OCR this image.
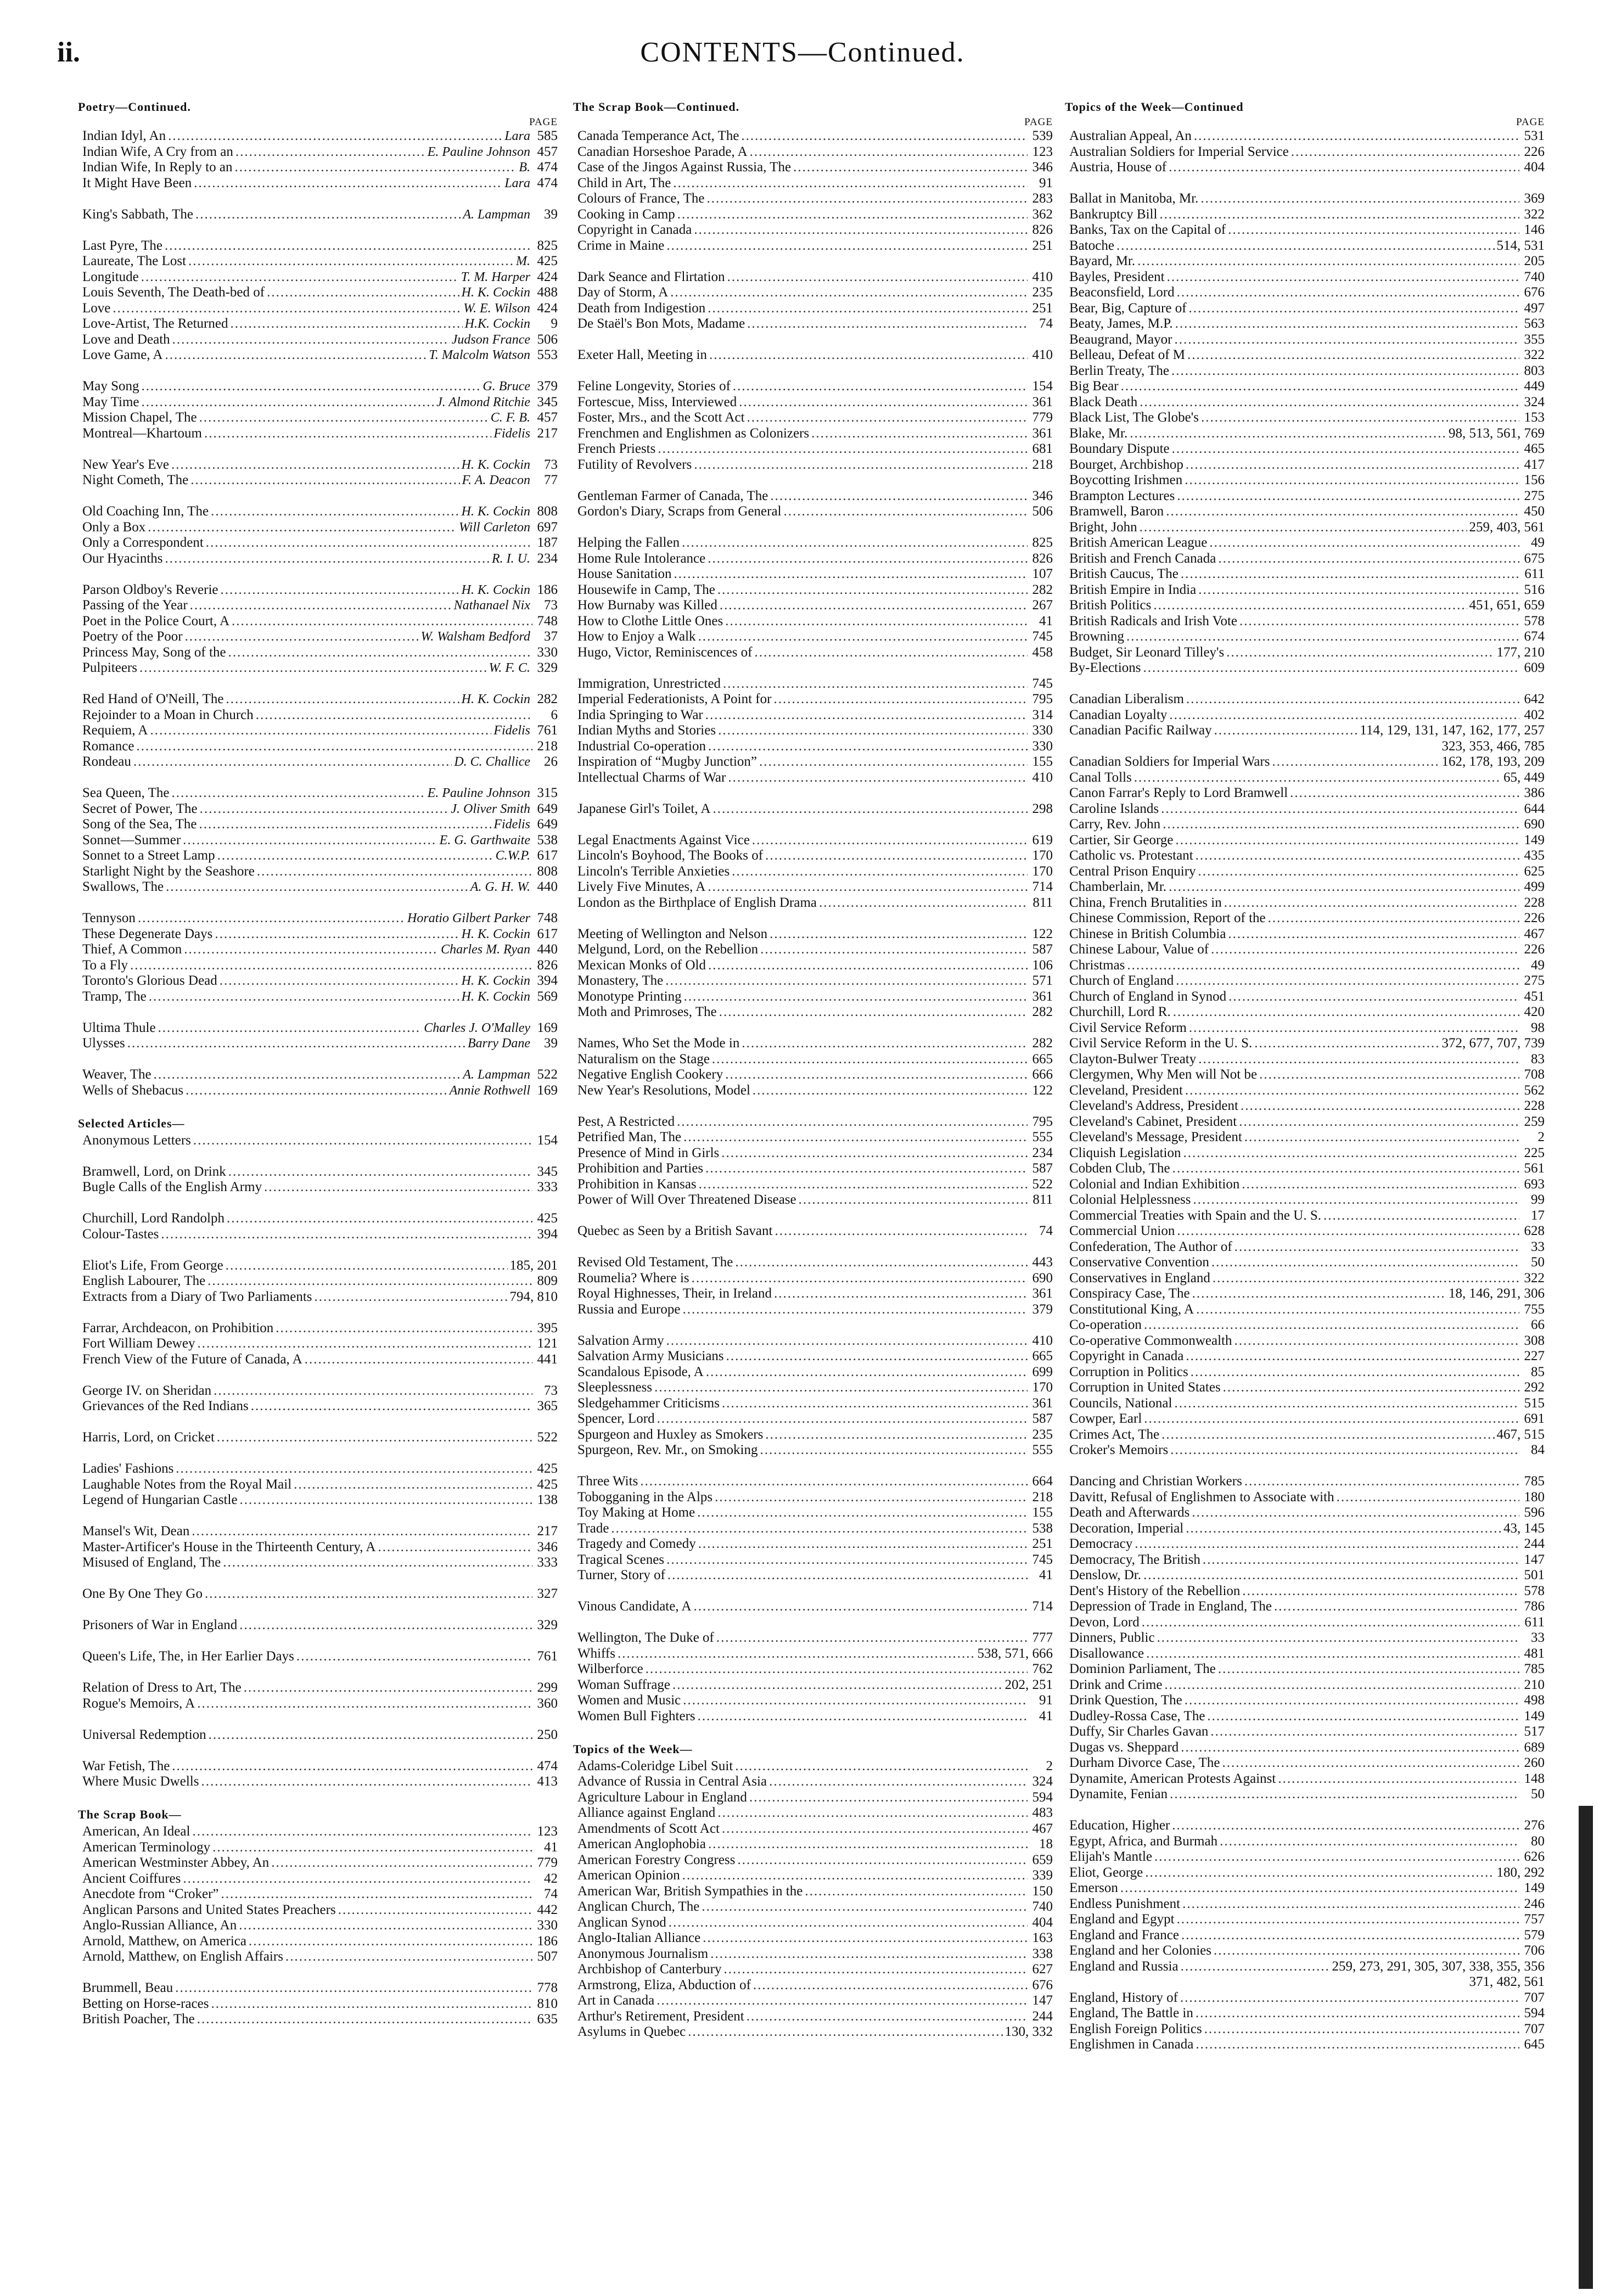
ii.	CONTENTS—Continued.
Poetry—Continued.
PAGE
Indian Idyl, An .....	Lara 585
Indian Wife, A Cry from an .....	E. Pauline Johnson 457
Indian Wife, In Reply to an .....	B. 474
It Might Have Been .....	Lara 474
King's Sabbath, The .....	A. Lampman	39
Last Pyre, The .....	825
Laureate, The Lost .....	M. 425
Longitude .....	T. M. Harper 424
Louis Seventh, The Death-bed of .....	H. K. Cockin 488
Love .....	W. E. Wilson 424
Love-Artist, The Returned .....	H.K. Cockin	9
Love and Death .....	Judson France 506
Love Game, A .....	T. Malcolm Watson 553
May Song .....	G. Bruce 379
May Time .....	J. Almond Ritchie 345
Mission Chapel, The .....	C. F. B. 457
Montreal—Khartoum .....	Fidelis 217
New Year's Eve .....	H. K. Cockin	73
Night Cometh, The .....	F. A. Deacon	77
Old Coaching Inn, The .....	H. K. Cockin 808
Only a Box .....	Will Carleton 697
Only a Correspondent .....	187
Our Hyacinths .....	R. I. U. 234
Parson Oldboy's Reverie .....	H. K. Cockin 186
Passing of the Year .....	Nathanael Nix	73
Poet in the Police Court, A .....	748
Poetry of the Poor .....	W. Walsham Bedford	37
Princess May, Song of the .....	330
Pulpiteers .....	W. F. C. 329
Red Hand of O'Neill, The .....	H. K. Cockin 282
Rejoinder to a Moan in Church .....	6
Requiem, A .....	Fidelis 761
Romance .....	218
Rondeau .....	D. C. Challice	26
Sea Queen, The .....	E. Pauline Johnson 315
Secret of Power, The .....	J. Oliver Smith 649
Song of the Sea, The .....	Fidelis 649
Sonnet—Summer .....	E. G. Garthwaite 538
Sonnet to a Street Lamp .....	C.W.P. 617
Starlight Night by the Seashore .....	808
Swallows, The .....	A. G. H. W. 440
Tennyson .....	Horatio Gilbert Parker 748
These Degenerate Days .....	H. K. Cockin 617
Thief, A Common .....	Charles M. Ryan 440
To a Fly .....	826
Toronto's Glorious Dead .....	H. K. Cockin 394
Tramp, The .....	H. K. Cockin 569
Ultima Thule .....	Charles J. O'Malley 169
Ulysses .....	Barry Dane	39
Weaver, The .....	A. Lampman 522
Wells of Shebacus .....	Annie Rothwell 169
Selected Articles—
Anonymous Letters .....	154
Bramwell, Lord, on Drink .....	345
Bugle Calls of the English Army .....	333
Churchill, Lord Randolph .....	425
Colour-Tastes .....	394
Eliot's Life, From George .....	185, 201
English Labourer, The .....	809
Extracts from a Diary of Two Parliaments .....	794, 810
Farrar, Archdeacon, on Prohibition .....	395
Fort William Dewey .....	121
French View of the Future of Canada, A .....	441
George IV. on Sheridan .....	73
Grievances of the Red Indians .....	365
Harris, Lord, on Cricket .....	522
Ladies' Fashions .....	425
Laughable Notes from the Royal Mail .....	425
Legend of Hungarian Castle .....	138
Mansel's Wit, Dean .....	217
Master-Artificer's House in the Thirteenth Century, A .....	346
Misused of England, The .....	333
One By One They Go .....	327
Prisoners of War in England .....	329
Queen's Life, The, in Her Earlier Days .....	761
Relation of Dress to Art, The .....	299
Rogue's Memoirs, A .....	360
Universal Redemption .....	250
War Fetish, The .....	474
Where Music Dwells .....	413
The Scrap Book—
American, An Ideal .....	123
American Terminology .....	41
American Westminster Abbey, An .....	779
Ancient Coiffures .....	42
Anecdote from “Croker” .....	74
Anglican Parsons and United States Preachers .....	442
Anglo-Russian Alliance, An .....	330
Arnold, Matthew, on America .....	186
Arnold, Matthew, on English Affairs .....	507
Brummell, Beau .....	778
Betting on Horse-races .....	810
British Poacher, The .....	635
The Scrap Book—Continued.
PAGE
Canada Temperance Act, The .....	539
Canadian Horseshoe Parade, A .....	123
Case of the Jingos Against Russia, The .....	346
Child in Art, The .....	91
Colours of France, The .....	283
Cooking in Camp .....	362
Copyright in Canada .....	826
Crime in Maine .....	251
Dark Seance and Flirtation .....	410
Day of Storm, A .....	235
Death from Indigestion .....	251
De Staël's Bon Mots, Madame .....	74
Exeter Hall, Meeting in .....	410
Feline Longevity, Stories of .....	154
Fortescue, Miss, Interviewed .....	361
Foster, Mrs., and the Scott Act .....	779
Frenchmen and Englishmen as Colonizers .....	361
French Priests .....	681
Futility of Revolvers .....	218
Gentleman Farmer of Canada, The .....	346
Gordon's Diary, Scraps from General .....	506
Helping the Fallen .....	825
Home Rule Intolerance .....	826
House Sanitation .....	107
Housewife in Camp, The .....	282
How Burnaby was Killed .....	267
How to Clothe Little Ones .....	41
How to Enjoy a Walk .....	745
Hugo, Victor, Reminiscences of .....	458
Immigration, Unrestricted .....	745
Imperial Federationists, A Point for .....	795
India Springing to War .....	314
Indian Myths and Stories .....	330
Industrial Co-operation .....	330
Inspiration of “Mugby Junction” .....	155
Intellectual Charms of War .....	410
Japanese Girl's Toilet, A .....	298
Legal Enactments Against Vice .....	619
Lincoln's Boyhood, The Books of .....	170
Lincoln's Terrible Anxieties .....	170
Lively Five Minutes, A .....	714
London as the Birthplace of English Drama .....	811
Meeting of Wellington and Nelson .....	122
Melgund, Lord, on the Rebellion .....	587
Mexican Monks of Old .....	106
Monastery, The .....	571
Monotype Printing .....	361
Moth and Primroses, The .....	282
Names, Who Set the Mode in .....	282
Naturalism on the Stage .....	665
Negative English Cookery .....	666
New Year's Resolutions, Model .....	122
Pest, A Restricted .....	795
Petrified Man, The .....	555
Presence of Mind in Girls .....	234
Prohibition and Parties .....	587
Prohibition in Kansas .....	522
Power of Will Over Threatened Disease .....	811
Quebec as Seen by a British Savant .....	74
Revised Old Testament, The .....	443
Roumelia? Where is .....	690
Royal Highnesses, Their, in Ireland .....	361
Russia and Europe .....	379
Salvation Army .....	410
Salvation Army Musicians .....	665
Scandalous Episode, A .....	699
Sleeplessness .....	170
Sledgehammer Criticisms .....	361
Spencer, Lord .....	587
Spurgeon and Huxley as Smokers .....	235
Spurgeon, Rev. Mr., on Smoking .....	555
Three Wits .....	664
Tobogganing in the Alps .....	218
Toy Making at Home .....	155
Trade .....	538
Tragedy and Comedy .....	251
Tragical Scenes .....	745
Turner, Story of .....	41
Vinous Candidate, A .....	714
Wellington, The Duke of .....	777
Whiffs .....	538, 571, 666
Wilberforce .....	762
Woman Suffrage .....	202, 251
Women and Music .....	91
Women Bull Fighters .....	41
Topics of the Week—
Adams-Coleridge Libel Suit .....	2
Advance of Russia in Central Asia .....	324
Agriculture Labour in England .....	594
Alliance against England .....	483
Amendments of Scott Act .....	467
American Anglophobia .....	18
American Forestry Congress .....	659
American Opinion .....	339
American War, British Sympathies in the .....	150
Anglican Church, The .....	740
Anglican Synod .....	404
Anglo-Italian Alliance .....	163
Anonymous Journalism .....	338
Archbishop of Canterbury .....	627
Armstrong, Eliza, Abduction of .....	676
Art in Canada .....	147
Arthur's Retirement, President .....	244
Asylums in Quebec .....	130, 332
Topics of the Week—Continued
PAGE
Australian Appeal, An .....	531
Australian Soldiers for Imperial Service .....	226
Austria, House of .....	404
Ballat in Manitoba, Mr. .....	369
Bankruptcy Bill .....	322
Banks, Tax on the Capital of .....	146
Batoche .....	514, 531
Bayard, Mr. .....	205
Bayles, President .....	740
Beaconsfield, Lord .....	676
Bear, Big, Capture of .....	497
Beaty, James, M.P. .....	563
Beaugrand, Mayor .....	355
Belleau, Defeat of M .....	322
Berlin Treaty, The .....	803
Big Bear .....	449
Black Death .....	324
Black List, The Globe's .....	153
Blake, Mr. .....	98, 513, 561, 769
Boundary Dispute .....	465
Bourget, Archbishop .....	417
Boycotting Irishmen .....	156
Brampton Lectures .....	275
Bramwell, Baron .....	450
Bright, John .....	259, 403, 561
British American League .....	49
British and French Canada .....	675
British Caucus, The .....	611
British Empire in India .....	516
British Politics .....	451, 651, 659
British Radicals and Irish Vote .....	578
Browning .....	674
Budget, Sir Leonard Tilley's .....	177, 210
By-Elections .....	609
Canadian Liberalism .....	642
Canadian Loyalty .....	402
Canadian Pacific Railway .....	114, 129, 131, 147, 162, 177, 257
323, 353, 466, 785
Canadian Soldiers for Imperial Wars .....	162, 178, 193, 209
Canal Tolls .....	65, 449
Canon Farrar's Reply to Lord Bramwell .....	386
Caroline Islands .....	644
Carry, Rev. John .....	690
Cartier, Sir George .....	149
Catholic vs. Protestant .....	435
Central Prison Enquiry .....	625
Chamberlain, Mr. .....	499
China, French Brutalities in .....	228
Chinese Commission, Report of the .....	226
Chinese in British Columbia .....	467
Chinese Labour, Value of .....	226
Christmas .....	49
Church of England .....	275
Church of England in Synod .....	451
Churchill, Lord R. .....	420
Civil Service Reform .....	98
Civil Service Reform in the U. S. .....	372, 677, 707, 739
Clayton-Bulwer Treaty .....	83
Clergymen, Why Men will Not be .....	708
Cleveland, President .....	562
Cleveland's Address, President .....	228
Cleveland's Cabinet, President .....	259
Cleveland's Message, President .....	2
Cliquish Legislation .....	225
Cobden Club, The .....	561
Colonial and Indian Exhibition .....	693
Colonial Helplessness .....	99
Commercial Treaties with Spain and the U. S. .....	17
Commercial Union .....	628
Confederation, The Author of .....	33
Conservative Convention .....	50
Conservatives in England .....	322
Conspiracy Case, The .....	18, 146, 291, 306
Constitutional King, A .....	755
Co-operation .....	66
Co-operative Commonwealth .....	308
Copyright in Canada .....	227
Corruption in Politics .....	85
Corruption in United States .....	292
Councils, National .....	515
Cowper, Earl .....	691
Crimes Act, The .....	467, 515
Croker's Memoirs .....	84
Dancing and Christian Workers .....	785
Davitt, Refusal of Englishmen to Associate with .....	180
Death and Afterwards .....	596
Decoration, Imperial .....	43, 145
Democracy .....	244
Democracy, The British .....	147
Denslow, Dr. .....	501
Dent's History of the Rebellion .....	578
Depression of Trade in England, The .....	786
Devon, Lord .....	611
Dinners, Public .....	33
Disallowance .....	481
Dominion Parliament, The .....	785
Drink and Crime .....	210
Drink Question, The .....	498
Dudley-Rossa Case, The .....	149
Duffy, Sir Charles Gavan .....	517
Dugas vs. Sheppard .....	689
Durham Divorce Case, The .....	260
Dynamite, American Protests Against .....	148
Dynamite, Fenian .....	50
Education, Higher .....	276
Egypt, Africa, and Burmah .....	80
Elijah's Mantle .....	626
Eliot, George .....	180, 292
Emerson .....	149
Endless Punishment .....	246
England and Egypt .....	757
England and France .....	579
England and her Colonies .....	706
England and Russia .....	259, 273, 291, 305, 307, 338, 355, 356
371, 482, 561
England, History of .....	707
England, The Battle in .....	594
English Foreign Politics .....	707
Englishmen in Canada .....	645
